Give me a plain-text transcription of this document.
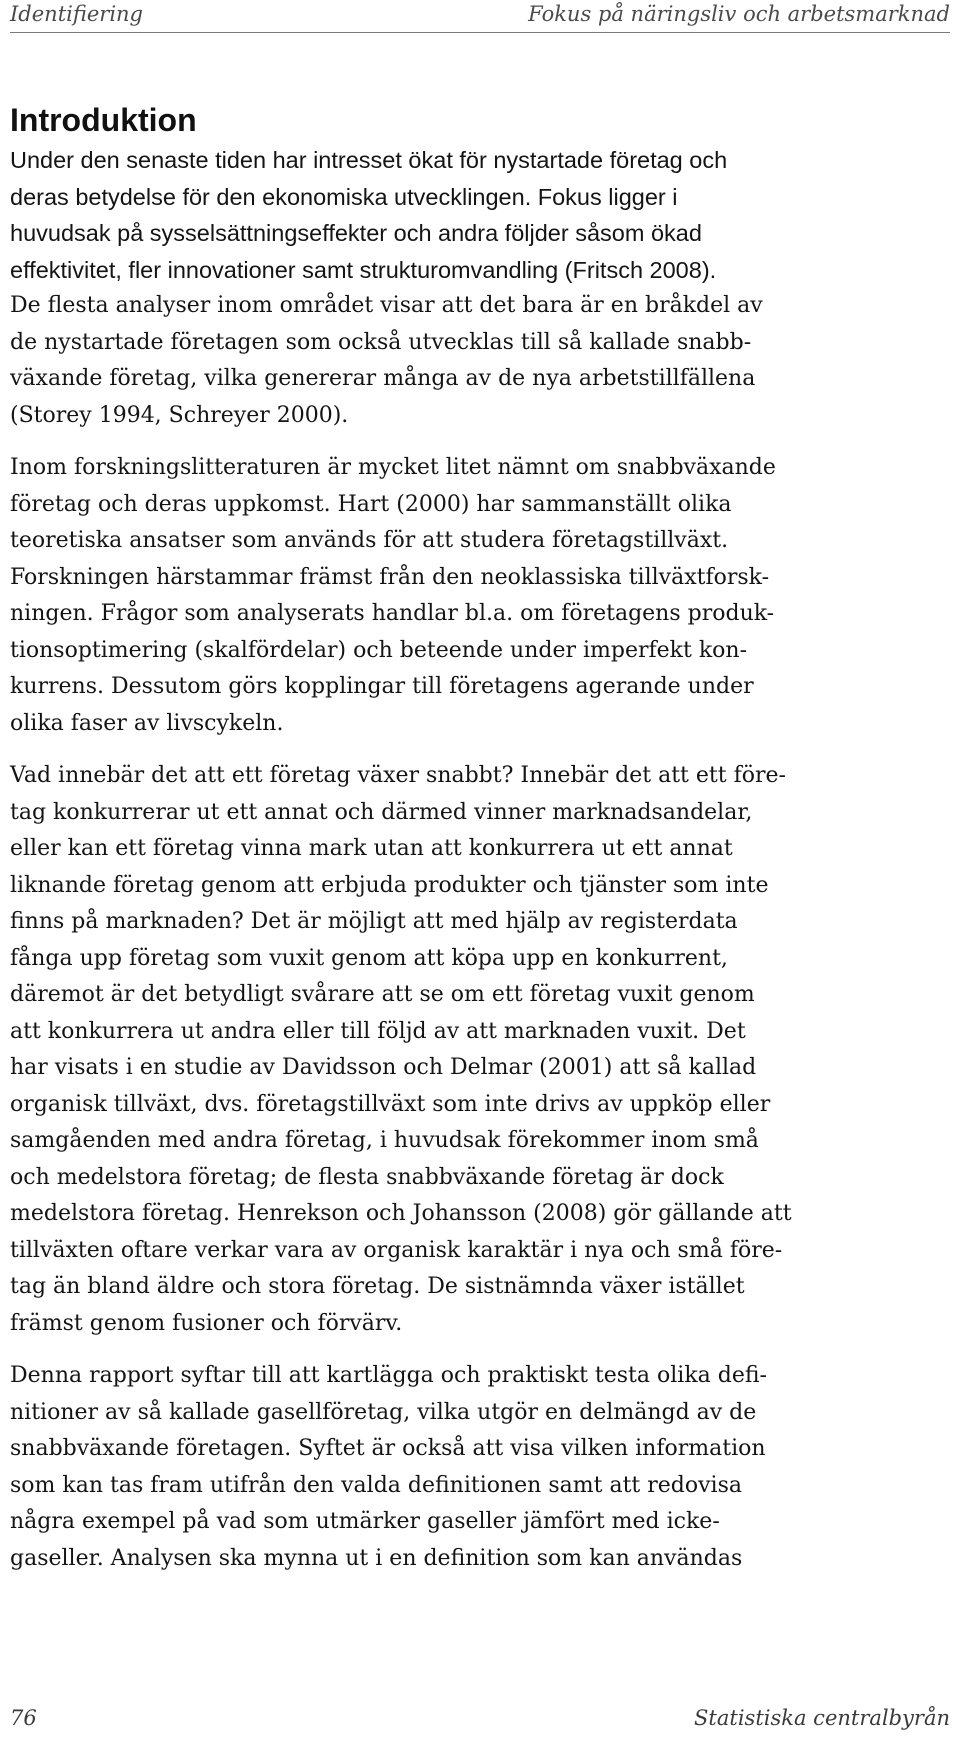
Identifiering	Fokus på näringsliv och arbetsmarknad
Introduktion

Under den senaste tiden har intresset ökat för nystartade företag och
deras betydelse för den ekonomiska utvecklingen. Fokus ligger i
huvudsak på sysselsättningseffekter och andra följder såsom ökad
effektivitet, fler innovationer samt strukturomvandling (Fritsch 2008).

De flesta analyser inom området visar att det bara är en bråkdel av
de nystartade företagen som också utvecklas till så kallade snabb-
växande företag, vilka genererar många av de nya arbetstillfällena
(Storey 1994, Schreyer 2000).

Inom forskningslitteraturen är mycket litet nämnt om snabbväxande
företag och deras uppkomst. Hart (2000) har sammanställt olika
teoretiska ansatser som används för att studera företagstillväxt.
Forskningen härstammar främst från den neoklassiska tillväxtforsk-
ningen. Frågor som analyserats handlar bl.a. om företagens produk-
tionsoptimering (skalfördelar) och beteende under imperfekt kon-
kurrens. Dessutom görs kopplingar till företagens agerande under
olika faser av livscykeln.

Vad innebär det att ett företag växer snabbt? Innebär det att ett före-
tag konkurrerar ut ett annat och därmed vinner marknadsandelar,
eller kan ett företag vinna mark utan att konkurrera ut ett annat
liknande företag genom att erbjuda produkter och tjänster som inte
finns på marknaden? Det är möjligt att med hjälp av registerdata
fånga upp företag som vuxit genom att köpa upp en konkurrent,
däremot är det betydligt svårare att se om ett företag vuxit genom
att konkurrera ut andra eller till följd av att marknaden vuxit. Det
har visats i en studie av Davidsson och Delmar (2001) att så kallad
organisk tillväxt, dvs. företagstillväxt som inte drivs av uppköp eller
samgåenden med andra företag, i huvudsak förekommer inom små
och medelstora företag; de flesta snabbväxande företag är dock
medelstora företag. Henrekson och Johansson (2008) gör gällande att
tillväxten oftare verkar vara av organisk karaktär i nya och små före-
tag än bland äldre och stora företag. De sistnämnda växer istället
främst genom fusioner och förvärv.

Denna rapport syftar till att kartlägga och praktiskt testa olika defi-
nitioner av så kallade gasellföretag, vilka utgör en delmängd av de
snabbväxande företagen. Syftet är också att visa vilken information
som kan tas fram utifrån den valda definitionen samt att redovisa
några exempel på vad som utmärker gaseller jämfört med icke-
gaseller. Analysen ska mynna ut i en definition som kan användas

76	Statistiska centralbyrån
